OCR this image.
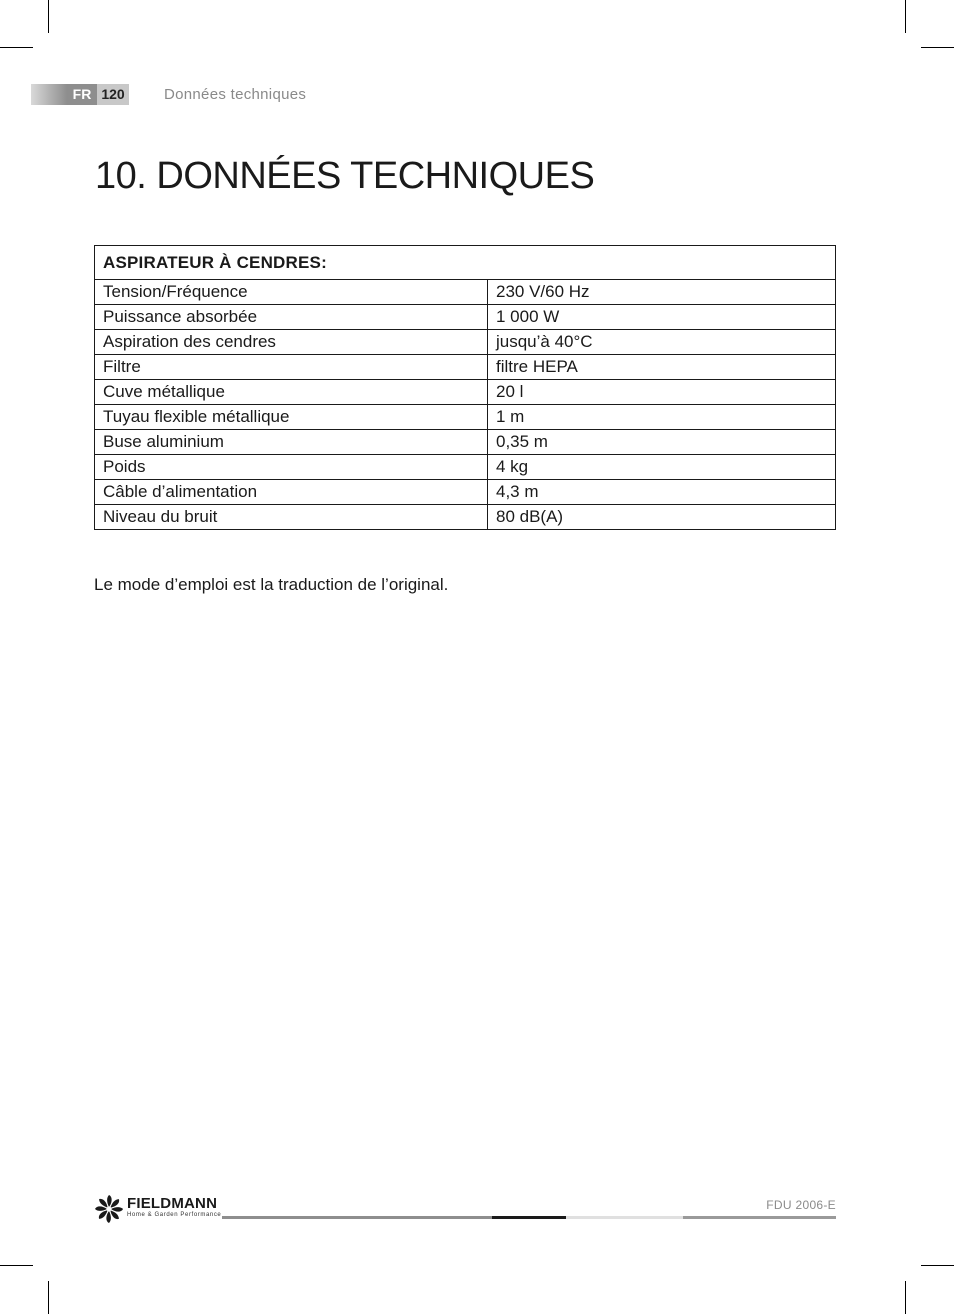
FR 120	Données techniques
10. DONNÉES TECHNIQUES
ASPIRATEUR À CENDRES:	
Tension/Fréquence	230 V/60 Hz
Puissance absorbée	1 000 W
Aspiration des cendres	jusqu’à 40°C
Filtre	filtre HEPA
Cuve métallique	20 l
Tuyau flexible métallique	1 m
Buse aluminium	0,35 m
Poids	4 kg
Câble d’alimentation	4,3 m
Niveau du bruit	80 dB(A)
Le mode d’emploi est la traduction de l’original.
FIELDMANN
Home & Garden Performance
FDU 2006-E
